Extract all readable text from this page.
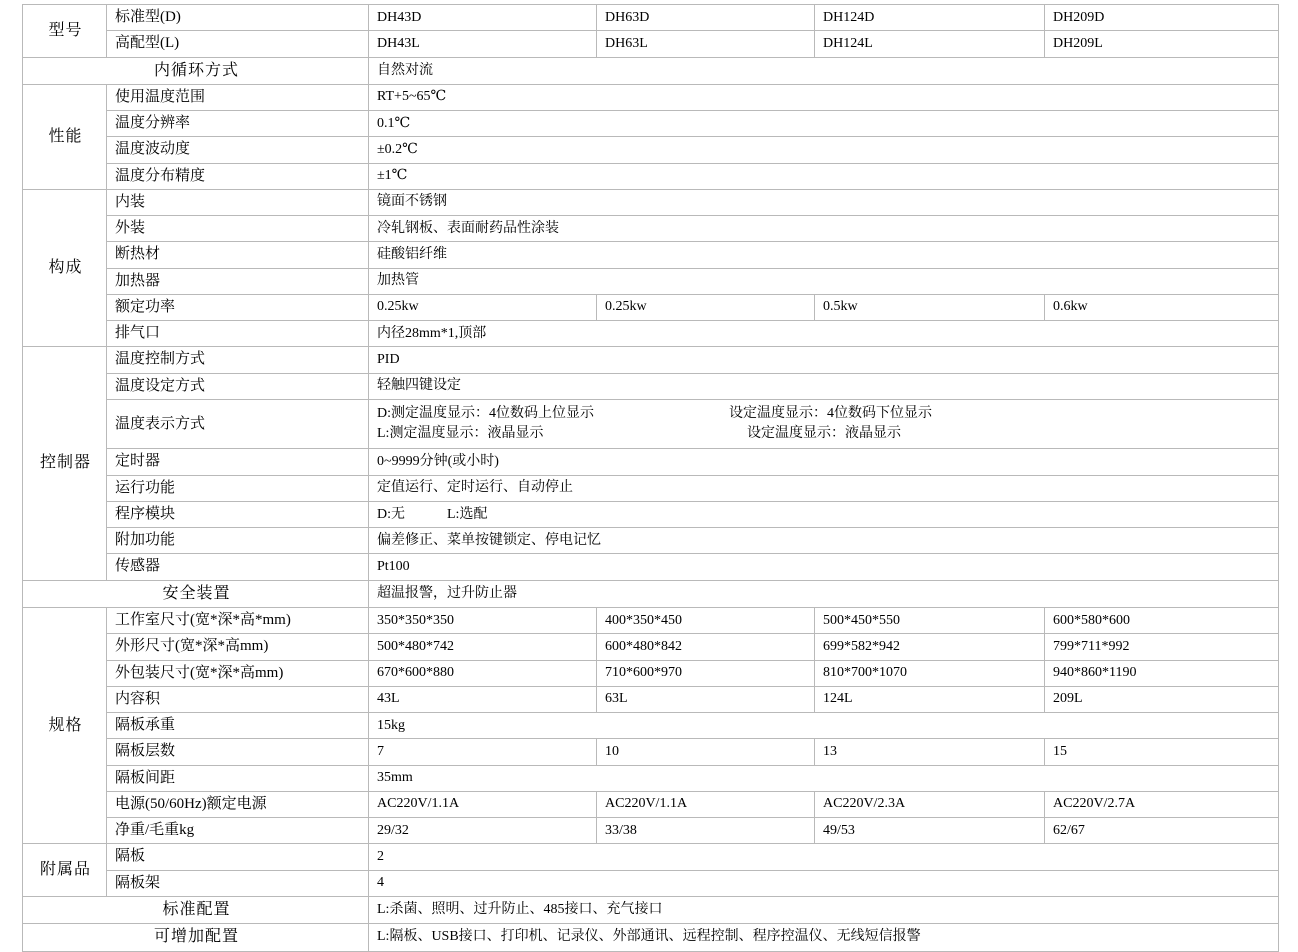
型号	标准型(D)	DH43D	DH63D	DH124D	DH209D
	高配型(L)	DH43L	DH63L	DH124L	DH209L
内循环方式		自然对流			
性能	使用温度范围	RT+5~65℃			
	温度分辨率	0.1℃			
	温度波动度	±0.2℃			
	温度分布精度	±1℃			
构成	内装	镜面不锈钢			
	外装	冷轧钢板、表面耐药品性涂装			
	断热材	硅酸铝纤维			
	加热器	加热管			
	额定功率	0.25kw	0.25kw	0.5kw	0.6kw
	排气口	内径28mm*1,顶部			
控制器	温度控制方式	PID			
	温度设定方式	轻触四键设定			
	温度表示方式	D:测定温度显示：4位数码上位显示 设定温度显示：4位数码下位显示
L:测定温度显示：液晶显示 设定温度显示：液晶显示			

	定时器	0~9999分钟(或小时)			
	运行功能	定值运行、定时运行、自动停止			
	程序模块	D:无　　　L:选配			
	附加功能	偏差修正、菜单按键锁定、停电记忆			
	传感器	Pt100			
安全装置		超温报警，过升防止器			
规格	工作室尺寸(宽*深*高*mm)	350*350*350	400*350*450	500*450*550	600*580*600
	外形尺寸(宽*深*高mm)	500*480*742	600*480*842	699*582*942	799*711*992
	外包装尺寸(宽*深*高mm)	670*600*880	710*600*970	810*700*1070	940*860*1190
	内容积	43L	63L	124L	209L
	隔板承重	15kg			
	隔板层数	7	10	13	15
	隔板间距	35mm			
	电源(50/60Hz)额定电源	AC220V/1.1A	AC220V/1.1A	AC220V/2.3A	AC220V/2.7A
	净重/毛重kg	29/32	33/38	49/53	62/67
附属品	隔板	2			
	隔板架	4			
标准配置		L:杀菌、照明、过升防止、485接口、充气接口			
可增加配置		L:隔板、USB接口、打印机、记录仪、外部通讯、远程控制、程序控温仪、无线短信报警			
